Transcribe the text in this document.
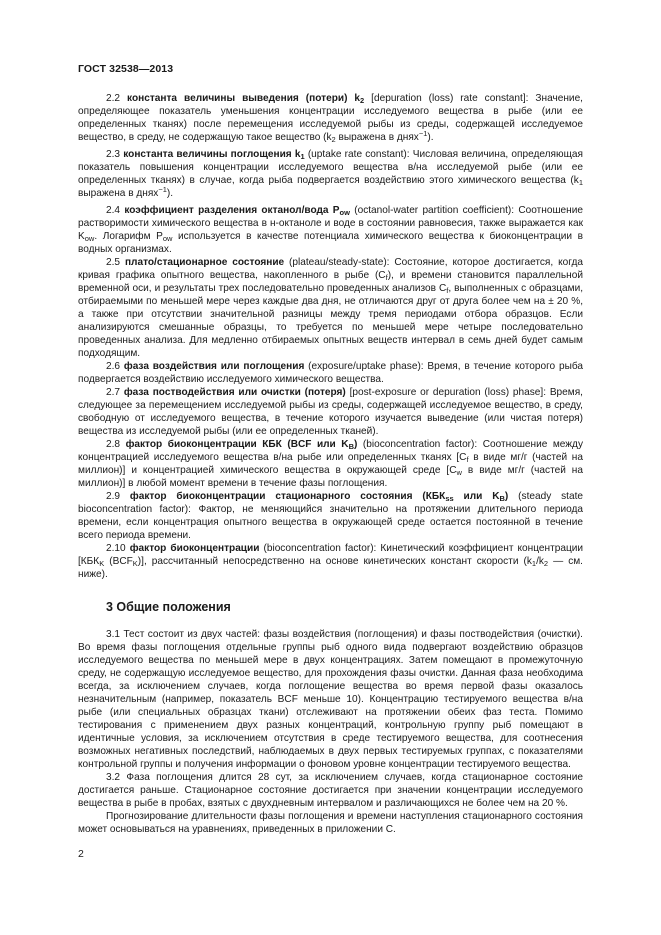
ГОСТ 32538—2013

2.2 константа величины выведения (потери) $k_2$ [depuration (loss) rate constant]: Значение, определяющее показатель уменьшения концентрации исследуемого вещества в рыбе (или ее определенных тканях) после перемещения исследуемой рыбы из среды, содержащей исследуемое вещество, в среду, не содержащую такое вещество ($k_2$ выражена в днях$^{-1}$).

2.3 константа величины поглощения $k_1$ (uptake rate constant): Числовая величина, определяющая показатель повышения концентрации исследуемого вещества в/на исследуемой рыбе (или ее определенных тканях) в случае, когда рыба подвергается воздействию этого химического вещества ($k_1$ выражена в днях$^{-1}$).

2.4 коэффициент разделения октанол/вода $P_{ow}$ (octanol-water partition coefficient): Соотношение растворимости химического вещества в н-октаноле и воде в состоянии равновесия, также выражается как $K_{ow}$. Логарифм $P_{ow}$ используется в качестве потенциала химического вещества к биоконцентрации в водных организмах.

2.5 плато/стационарное состояние (plateau/steady-state): Состояние, которое достигается, когда кривая графика опытного вещества, накопленного в рыбе $(C_f)$, и времени становится параллельной временной оси, и результаты трех последовательно проведенных анализов $C_f$, выполненных с образцами, отбираемыми по меньшей мере через каждые два дня, не отличаются друг от друга более чем на ± 20 %, а также при отсутствии значительной разницы между тремя периодами отбора образцов. Если анализируются смешанные образцы, то требуется по меньшей мере четыре последовательно проведенных анализа. Для медленно отбираемых опытных веществ интервал в семь дней будет самым подходящим.

2.6 фаза воздействия или поглощения (exposure/uptake phase): Время, в течение которого рыба подвергается воздействию исследуемого химического вещества.

2.7 фаза постводействия или очистки (потеря) [post-exposure or depuration (loss) phase]: Время, следующее за перемещением исследуемой рыбы из среды, содержащей исследуемое вещество, в среду, свободную от исследуемого вещества, в течение которого изучается выведение (или чистая потеря) вещества из исследуемой рыбы (или ее определенных тканей).

2.8 фактор биоконцентрации КБК (BCF или $K_B$) (bioconcentration factor): Соотношение между концентрацией исследуемого вещества в/на рыбе или определенных тканях [$C_f$ в виде мг/г (частей на миллион)] и концентрацией химического вещества в окружающей среде [$C_w$ в виде мг/г (частей на миллион)] в любой момент времени в течение фазы поглощения.

2.9 фактор биоконцентрации стационарного состояния ($КБК_{ss}$ или $K_B$) (steady state bioconcentration factor): Фактор, не меняющийся значительно на протяжении длительного периода времени, если концентрация опытного вещества в окружающей среде остается постоянной в течение всего периода времени.

2.10 фактор биоконцентрации (bioconcentration factor): Кинетический коэффициент концентрации [$КБК_K$ $(BCF_K)$], рассчитанный непосредственно на основе кинетических констант скорости ($k_1/k_2$ — см. ниже).

3 Общие положения

3.1 Тест состоит из двух частей: фазы воздействия (поглощения) и фазы постводействия (очистки). Во время фазы поглощения отдельные группы рыб одного вида подвергают воздействию образцов исследуемого вещества по меньшей мере в двух концентрациях. Затем помещают в промежуточную среду, не содержащую исследуемое вещество, для прохождения фазы очистки. Данная фаза необходима всегда, за исключением случаев, когда поглощение вещества во время первой фазы оказалось незначительным (например, показатель BCF меньше 10). Концентрацию тестируемого вещества в/на рыбе (или специальных образцах ткани) отслеживают на протяжении обеих фаз теста. Помимо тестирования с применением двух разных концентраций, контрольную группу рыб помещают в идентичные условия, за исключением отсутствия в среде тестируемого вещества, для соотнесения возможных негативных последствий, наблюдаемых в двух первых тестируемых группах, с показателями контрольной группы и получения информации о фоновом уровне концентрации тестируемого вещества.

3.2 Фаза поглощения длится 28 сут, за исключением случаев, когда стационарное состояние достигается раньше. Стационарное состояние достигается при значении концентрации исследуемого вещества в рыбе в пробах, взятых с двухдневным интервалом и различающихся не более чем на 20 %.

Прогнозирование длительности фазы поглощения и времени наступления стационарного состояния может основываться на уравнениях, приведенных в приложении C.

2
